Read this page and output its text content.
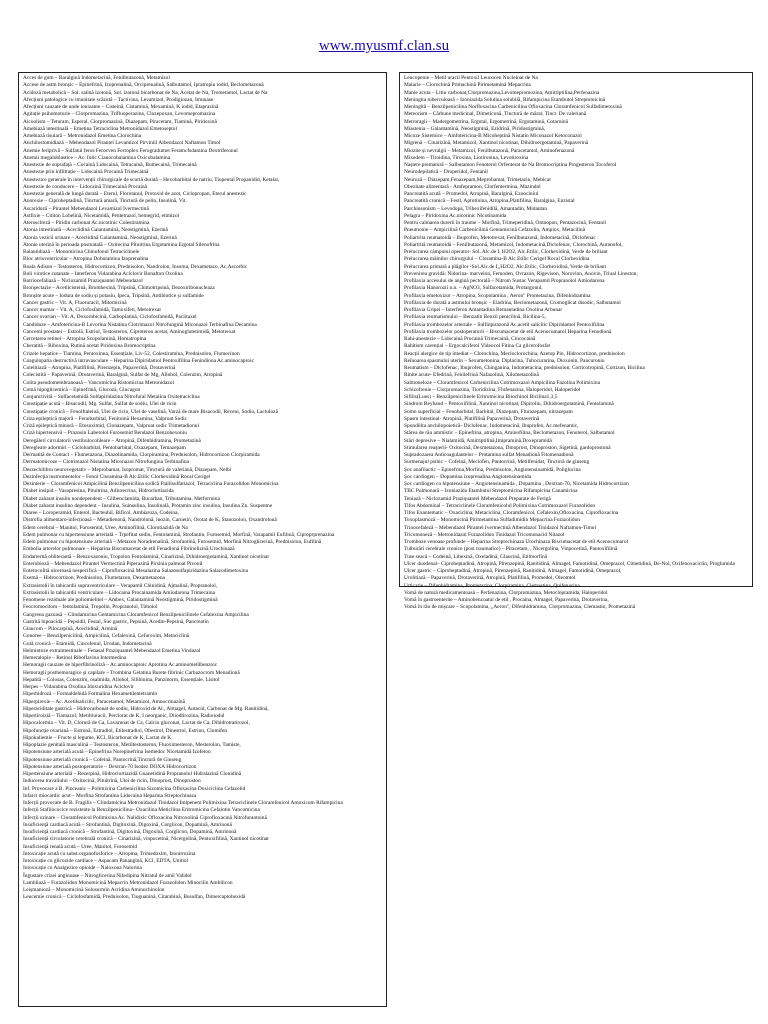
www.myusmf.clan.su
Acces de gutn – Baralgină Indometacină, Fenilbutazonă, Metamizol
Accese de astm bronșic – Epinefrină, Izoprenalină, Orciprenalină, Salbutamol, Ipratropiu iodid, Beclometazonă
Acidoză metabolică – Sol. salină izotonă, Sol. izotonă bicarbonat de Na, Acetat de Na, Trometamol, Lactat de Na
Afecțiuni patologice cu imunitate scăzută – Tactivina, Levamizol, Prodigiozan, Imunase
Afecțiuni cauzate de unde ionizante – Cisteină, Cistamină, Mexamină, K iodid, Etaprazină
Agitație psihomotorie – Clorpromazina, Trifluoperazina, Clozepoxan, Levomepromazina
Alcoolism – Teturam, Esperal, Clorpromazină, Diazepam, Piracetam, Tiamină, Piridoxină
Amebiază intestinală – Emetina Tetraciclina Metronidazol Emetoseptol
Amebiază tisulară – Metronidazol Emetina Clorochina
Anchilostomidiază – Mebendazol Pirantel Levamizol Pirviniil Albendazol Naftamon Timol
Anemie feriprivă – Sulfatul feros Ferocven Ferroplex Ferogradumet Feramcfsdamina Dextriferonul
Anemii megaloblastice – Ac. folic Cianocobalamina Oxicobalamina
Anestezie de suprafață – Cocaină Lidocaină, Tetracaină, Bumecaină, Trimecaină
Anestezie prin infiltrație – Lidocaină Procaină Trimecaină
Anestezice generale în intervenții chirurgicale de scurtă durată – Hexobarbital de natriu, Tiopental Propanidid, Ketalar,
Anestezie de conducere – Lidocaină Trimecaină Procaină
Anestezie generală de lungă durată – Eterul, Florotanul, Protoxid de azot, Ciclopropan, Eterul anestezic
Anorexie – Ciproheptadină, Tinctură amară, Tinctură de pelin, Insulină, Vit.
Ascaridoză – Pirantel Mebendazol Levamizol Ivermectină
Astfixie – Cititon Lobelină, Nicetamidă, Pentetrazol, bemegrid, etimizol
Aterosclreză – Piridin carbonat Ac.nicotinic Colestiramina
Atonia intestinală – Aceclidină Galantamină, Neostigmină, Ezerină
Atonia vezicii urinare – Aceclidină Galantamină, Neostigmină, Ezerină
Atonie uterină în perioada postnatală – Oxitocina Pituitrina Ergotamina Ergotal Silenofrina
Balantidiază – Monomicina Chinofonul Tetraciclinele
Bloc atrioventricular – Atropina Dobutamina Izoprenalina
Boala Adison – Testosteron, Hidrocortizon, Prednisolon, Nandrolon, Insoma, Dexametazo, Ac.Ascorbic
Boli virotice cutanate – Interferon Vidarabina Aciclovir Bonafton Oxolina
Botriocefaliază – Niclozamid Praziquantel Mebendazol
Bronșectazie – Acetilcisteină, Bromhexină, Tripsină, Chimotripsină, Dezoxiribonucleaza
Bronșite acute – Iodura de sodiu și potasiu, Ipeca, Tripsină, Antibiotice și sulfamide
Cancer gastric – Vit. A, Fluoruracil, Mitomicină
Cancer mamar – Vit. A, Ciclofosfamidă, Tamoxifen, Metotrexat
Cancer ovarian – Vit. A, Doxorubicină, Carboplatină, Ciclofosfamidă, Paclitaxel
Candidoze – Amfotericina-B Levorina Nistatina Clotrimazol Nitrofungină Miconazol Terbinafina Decamina
Canceml prostatei – Estrolă, Estriol, Testosteron, Ciproteron acetat, Aminoglutetimidă, Metotrexat
Cercetarea retinei – Atropina Scopolamină, Homatropina
Cheratită – Riboxina, Rutină acetat Piridoxina Bromocriptina
Crizele hepatice – Tiamina, Pentoxinna, Essențiale, Liv-52, Colestiramina, Prednisolon, Flumecinon
Coagulopatia destructivă intravasculare – Heparina Dipiridamol Pentoxifilina Fenindiona Ac.aminocaproic
Colelitiază – Atropina, Platifilină, Pirenzepin, Papaverină, Drotaverină
Colecistită – Papaverină, Drotaverină, Baralgină, Sulfat de Mg, Allohol, Colenzim, Atropină
Colita pseudomembranoasă – Vancomicina Ristomicina Metronidazol
Comă hipoglicemică – Epinefrină, Glucoză, Glucagon
Conjunctivită – Sulfacetamidă Sulfapiridazina Nitrofural Metalina Oxitetraciclina
Constipație acută – Bisacodil, Mg. Sulfat, Sulfat de sodiu, Ulei de ricin
Constipație cronică – Fenolftaleină, Ulei de ricin, Ulei de vaselină, Varză de mare Bisacodil, Reveni, Sodiu, Lactuloză
Criza epileptică majoră – Fenobarbital, Fenitoină Hexamina, Valproat Sodic
Criză epileptică minoră – Etosuximid, Clonazepam, Valproat sodic Trimetadionul
Criză hipertensivă – Prazosin Labetolol Furosemid Bendazol Benzohexoniu
Deregăleri circulatorii vestibulocohleare – Atropină, Difenhidramina, Prometazină
Deregleare adormiri – Ciclobarbital, Pentobarbital, Oxazepam, Temazepam
Dermatită de Contact – Flumetazona, Diazolinamida, Clorpiramina, Prednisolon, Hidrocortizon Clorpiramida
Dermatomicoze – Clotrimazol Nistatina Miconazol Nitrofungina Terbinafina
Deszechilibru neurovegetativ – Meprobamat, Isopromat, Tinctură de valeriană, Diazepam, Nelbi
Dezinfecția instrumentelor – Fenol Cloramina-B Alc.Etilic Clorhexidină Rocal Cerigel
Dezinterie – Cloramfenicol Ampicilină Benzilpenicilina sodică Ftalilsulfatiazol, Tetraciclina Furazolidon Monomicina
Diabet insipid – Vasopresina, Pituitrina, Adiurecrina, Hidroclortiazida
Diabet zaharat insulin nondependent – Glibenclamida, Bucarban, Tributamina, Metformina
Diabet zaharat insulino dependent – Insulina, Suinsulina, Insulinală, Protamin zinc insulina, Insulina Zn. Suspentne
Diaree – Loroperamid, Enterol, Bacteubil, Bificol, Ambiaroza, Codeina,
Distrofia alimentaro-infecțioasă – Metadienonă, Nandrolonă, inozin, Carnetin, Orotat de K, Stanozolon, Oxandrolonă
Edem cerebral – Manitol, Furosemid, Uree, Aminofilină, Clorotiazidă de Na
Edem pulmonar cu hipertensiune arterială – Trpefitat sodiu, Fentolamină, Strofantin, Furosemid, Morfină, Varapamil Eufilină, Ciproprprenazina
Edem pulmonar cu hipotensiune arterială – Metazon Noradrenalină, Strofantină, Furosemid, Morfină Nitroglicerină, Prednisolon, Eufilină
Embolia arterelor pulmonare – Heparina Biscumacetat de etil Fenadionă Fibrinolizină Urochinază
Endarterită obliterantă – Benzoxazoniu, Tropolon Fentolamină, Cinarizină, Dihidroergotamină, Xantinol nicotinat
Enterobioză – Mebendazol Pirantel Vermectină Piperazină Pirsinia palmoat Pivonil
Enterocolită ulceroasă nespecifică – Ciprofloxacină Mesalazina Salazosulfapiridazina Salazodimetoxina
Exemă – Hidrocortizon, Prednisolon, Flumetazon, Dexametazona
Extrasistolii în tahicardii supraventriculare – Verapamil Chinidină, Ajmalină, Propranolol,
Extrasistolii în tahicardii ventriculare – Lidocaina Procainamida Amiodarona Trimecaina
Fenomene reziduale ale poliomielitei – Ambex, Galantamină Neostigmină, Piridostigmină
Feocromocitom – fentolamină, Tropolin, Propranolol, Timolol
Gangrena gazoasă – Clindamicina Gentamicina Cloramfenicol Benzilpenicilinele Cefalexina Ampicilina
Gastrită hipoacidă – Pepsidil, Festal, Suc gastric, Pepsină, Acedin-Pepsină, Pancreatin
Glaucom – Pilocarpină, Aceclidină, Armină
Gonoree – Benzilpenicilină, Ampicilină, Cefalexină, Cefuroxim, Metaciclină
Gută cronică – Etamidă, Cincofenul, Urodan, Indometacină
Helmintoze extraintestinale – Fenasal Praziquantel Mebendazol Emetina Vindazol
Hemeralopie – Retinol Riboflavina Intermedina
Hemoragii cauzate de hiperfibrinoliză – Ac.aminocaproic Aprotina Ac.aminometilbenzoic
Hemoragii posthemoragice și capilare – Trombina Gelatina Burete fibrinic Carbazocrom Menadionă
Hepatită – Colosas, Colenzim, osalmida, Allohol, Silibinina, Panzinorm, Essențiale, Lisitol
Herpes – Vidarabina Oxolina Idoxuridina Aciclovir
Hiperhidroză – Formaldehidă Formalina Hexametilentetramin
Hiperpirexie – Ac. Acetilsalicilic, Paracetamol, Metamizol, Amnocrinazină
Hiperaciditate gastrică – Hidrocarbonat de sodiu, Hidroxid de Al., Almagel, Antacid, Carbonat de Mg. Ranitidină,
Hipertiroiziă – Tiamazol, Metiltiuracil, Perclorat de K, I neorganic, Diiodtirozina, Radioiodul
Hipocalcemia – Vit. D, Clorură de Ca, Lavarunat de Ca, Calciu gluconat, Lactat de Ca, Dihidrotratirozol,
Hipofuncție ovariană – Estronă, Estradiol, Etilestradiol, Obestrol, Dinestrol, Estrion, Clomifen
Hipokaliemie – Fructe și legume, KCl, Bicarbonat de K, Lactat de K
Hipoplazie genitală masculină – Testosteron, Metiltestosteron, Fluoximesteron, Mesterolon, Tamiste,
Hipotensiune arterială acută – Epinefrina Norepinefrina Isemedoc Nicetamidă Izofeton
Hipotensiune arterială cronică – Cofeină, Pantocrină,Tinctură de Ginseng
Hipotensiune arterială postoperatorie – Dextran-70 Isodez DOXA Hidrocortizon
Hipertensiune arterială – Rezerpină, Hidroclortiazidă Guanetidină Propranolol Hidralazină Clonidină
Inducerea travaliului – Oxitocină, Pituitrină, Ulei de ricin, Dinoprost, Dinoproston
Inf. Provocare a B. Pioceanic – Polimixina Carbenicilina Sizomicina Ofloxacina Doxiciclina Cefazolid
Infarct miocardic acut – Morfina Strofantina Lidocaina Heparina Streptochinaza
Infecții provocate de B. Fragilis – Clindamicina Metronidazol Tinidazol Imipenem Polimixina Tetraciclinele Cloramfenicol Amoxicum Rifampicina
Infecții Stafilococice rezistente la Benzilpenicilina– Oxacilina Meticilina Eritromicina Cefalotin Vancomicina
Infecții urinare – Cloramfenicol Polimixina Ac. Nalidixic Ofloxacina Nitroxolină Ciprofloxacină Nitrofurantoină
Insuficiență cardiacă acută – Strofantină, Digitoxină, Digoxină, Corglicon, Dopamină, Amrinonă
Insuficiență cardiacă cronică – Strofantină, Digitoxină, Digoxină, Corglicon, Dopamină, Amrinonă
Insuficiență circulatorie cerebrală cronică – Cinarizină, vinpocetină, Nicergolină, Pentoxifilină, Xantinol nicotinat
Insuficiență renală acută – Uree, Manitol, Furosemid
Intoxicație acută cu subst.organofosforice – Atropina, Trimedoxim, Izonitrozina
Intoxicație cu glicozide cardiace – Aspacam Panangină, KCl, EDTA, Unitiol
Intoxicație cu Analgezice opioide – Naloxona Nalorina
Îngustare crizei anginoase – Nitroglicerina Nifedipina Nitratul de amil Validol
Lambliază – Furazolidon Monomicină Mepacrin Metronidazol Furazolidon Minocilin Ambilicon
Leișmanioză – Monomicină Solusurmin Acridina Aminochinolon
Leucemie cronică – Ciclofosfamidă, Prednisolon, Tioguanină, Citarabină, Busulfan, Dimercaptohexidă
Leucopenie – Metil uracil Pentoxil Leucocen Nucleinat de Na
Malarie – Clorochină Primachină Pirimetamină Mepacrina
Manie acuta – Litiu carbonat,Clorpromazina,Levomepromozina, Amitriptilina,Perfenazina
Meningita tuberculoasă – Izoniazida Solutina solubilă, Rifampicina Etambutol Streptomicină
Meningită – Benzilpenicilina Norfloxacina Carbenicilina Ofloxacina Cloramfenicol Sulfadimetoxină
Meteorism – Cărbune medicinal, Dimeticonă, Tinctură de mărar, Tinct. De valeriană
Metroragii – Madergometrina, Ergotal, Ergometrină, Ergotamină, Cotarnină
Miastenia – Galantamină, Neostigmină, Ezidrină, Piridostigmină,
Micoze Sistemice – Amfotericina-B Micoheptină Nistatin Miconazol Ketoconazol
Migrenă – Cinarizină, Metamizol, Xantinol nicotinat, Dihidroergotamină, Papaverină
Miozite și nevralgii – Metamizol, Fenilbutazonă, Paracetamol, Aminofenazonă
Mixedem – Tiroidina, Tiroxina, Liotironina, Levotiroxina
Naștere prematură – Salbutamon Fenoterol Orfenterat de Na Bromocriptina Progesteron Tocoferol
Neurodepilatică – Droperidol, Fentanil
Neuroză – Diazepam,Fenazepam,Meprobamat, Trimetazin, Mebicar
Obezitate alimentară - Amfepramon, Clorfentermina, Mazindol
Pancreatită acută – Promedol, Atropină, Baralgină, Ezoociniul
Pancreatită cronică – Festl, Aprotinina, Atropina,Platifilina, Baralgina, Enzistal
Parchinsonism – Levodopa, Trihexifenidilă, Amantadin, Midantan
Pelagra – Piridoxina Ac.nicotinic Nicotinamida
Pentru calmarea durerii în traume – Morfină, Trimeperidină, Omnopon, Pentazocină, Fentanil
Pneumonie – Ampicilină Carbenicilină Gentamicină Cefazolin, Ampiox, Metacilină
Poliartrita reumatoidă – Ibuprofen, Metotrexat, Fenilbutazonă, Indometacină, Diclofenac
Poliartrită reumatoidă – Fenilbutazonă, Metamizol, Indometacină,Diclofenac, Clorochină, Auranofol,
Prelucrarea câmpului operator- Sol. Alc.de I, H2O2, Alc.Etilic, Clorhexidină, Verde de briliant
Prelucrarea mâinilor chirurgului – Cloramina-B Alc.Etilic Cerigel Rocal Clorhexidina
Prelucrarea primară a plăgilor -Sol.Alc.de I,,H2O2, Alc.Etilic, Clorhexidină, Verde de briliant
Prevenirea gravidă: Nidorina- marvelon, Femoden, Ovrazon, Rigevison, Norovlon, Anovin, Triual Lineston,
Profilaxia accesului de angină pectorală – Nitrom Sustac Verapamil Propranolol Amiodarona
Profilaxia Hanorozii n.n. – AgNO3, Sulfacetamida, Protargonul,
Profilaxia emetoxizor – Atropina, Scopolamina , Aeron" Prometazina, Difenhidramina
Profilaxia de durată a astmului bronșic – Eladrina, Beclometazonă, Cromoglicat disodic, Salbutamol
Profilaxia Gripei – Interferon Amantadina Remantadina Oxolina Arbunar
Profilaxia reumatismului – Benzatin Benzil penicilină, Bicilina-5,
Profilaxia trombozelor arteriale – Sulfinpirazonă Ac.acetil salicilic Dipiridamol Pentoxifilina
Profilaxia trombozelor postoperatorii – Biscumacetat de etil Acenocumarol Heparina Fenodionă
Rahi-anestezie – Lidocaină Procaină Trimecaină, Cincocaină
Rahitism carențial – Ergocalciferol Videocol Fitina Ca glicerofosfat
Reacții alergice de tip imediat – Clorochina, Mecloclorochina, Azetop Pin, Hidrocortizon, prednisolon
Reînoarea spasmului uterin – Sexumetonina, Diplacina, Tubocurarina, Dioxonin, Pancuroniu
Reumatism – Diclofenac, Ibuprofen, Chinganina, Indometacina, prednisolon, Corticotropină, Cortizon, Bicilina
Rinite acute- Efedrină, Fenilefrină Nafazolină, Xilometazolină
Salmoneloze – Cloramfenicol Carbenicilina Cotrimoxazol Ampicilina Fazolina Polimixina
Schizofrenie – Clorpromazina, Tioridizina, Flufenazina, Haloperidol, Haloperidol
Sifilis(Lues) – Benzilpenicilinele Eritromicina Biiochinol Bicilina1,3,5
Sindrom Reybaud – Pentoxifilină, Xantinol nicotinat, Dipirolin, Dihidroergotamină, Fentolamină
Somn superficial – Fenobarbital, Barbital, Diazepam, Flurazepam, nitrazepam
Spasm intestinal- Atropină, Platifilină Papaverină, Drotaverină
Spondilita anchilopoietică- Diclofenac, Indometacină, Ibuprofen, Ac.mefenamic,
Stărea de rău ammistic – Epinefrina, atropina, Aminofilina, Beclometazon, Fenoterol, Salbutamol
Stări depresive – Nialamidă, Amitriptilină,Imipramină,Doxepramidă
Stimularea reașterii- Oxitocină, Dexmetazona, Dinoprost, Dinoproston, Sigetină, gardoprostonă
Supradozarea Anticoagulantelor – Protamina sulfat Menadionă Fitomenadionă
Surmenajul psihic – Cofeină, Meclofen, Pantocrină, Metilfenidat, Tinctură de ginseng
Șoc anafilactic – Epinefrina,Morfina, Prednisolon, Angiotensinamidă, Poliglucina
Șoc cardiogen – Dopamina izoprenalina Angiotensinamida
Șoc cardiogen cu hipotensiune – Angiotensinamida , Dopamina , Dextran-70, Nicetamida Hidrocortizon
TBC Pulmonară – Izoniazida Etambutol Streptomicina Rifampicina Canamicina
Teniază – Niclozamid Praziquantel Mebendazol Preparate de Ferigă
Tifos Abdominal – Tetraciclinele Cloramfenicolul Polimixina Cotrimoxazol Furazolidon
Tifos Exantematic – Oxaciclina, Metaciclina, Cloramfenicol, Cefalexin,Ofloxacina, Ciprofloxacina
Toxoplasmoză – Monomicină Pirimetamina Sulfadimidin Mepacrina Furazolidon
Trinocefaleză – Mebendazol Pirantel Ivermectină Albendazol Tinidazol Naftamon-Timol
Tricomoneză – Metronidazol Furazolidon Tinidazol Tricomonacid Nitazol
Tromboze venoase profunde – Heparina Streptochinaza Urochinaza Biscumacetat de etil Acenocumarol
Tulburări cerebrale cronice (post traumatice) – Piracetam, , Nicergolina, Vinpocetină, Pantoxifilină
Tuse seacă – Codeină, Libexină, Oxeladină, Glaucină, Etilmorfină
Ulcer duodenal– Ciproheptadină, Atropină, Pirenzepină, Ranitidină, Almagel, Famotidină, Omeprazol, Cimetidină, De-Nol, Oxifenoxaciclin, Proglumida
Ulcer gastric – Ciproheptadină, Atropină, Pirenzepină, Ranitidină, Almagel, Famotidină, Omeprazol,
Urolitiază – Papaverină, Drotaverină, Atropină, Platifilină, Promedol, Oleomtol
Urticarie – Difenhidramina, Prometazina, Clorpiramina, Clemastina, Quifenacina
Vomă de natură medicamentoasă – Perfenazina, Clorpromazina, Metoclopramida, Haloperidol
Vomă în gastroenterite – Aminobenzoatul de etil , Procaina, Almagel, Papaverina, Drotaverina,
Vomă în rău de mișcare – Scopolamina, „Aeron", Difenhidramina, Clorpromazina, Clemastin, Prometazină
